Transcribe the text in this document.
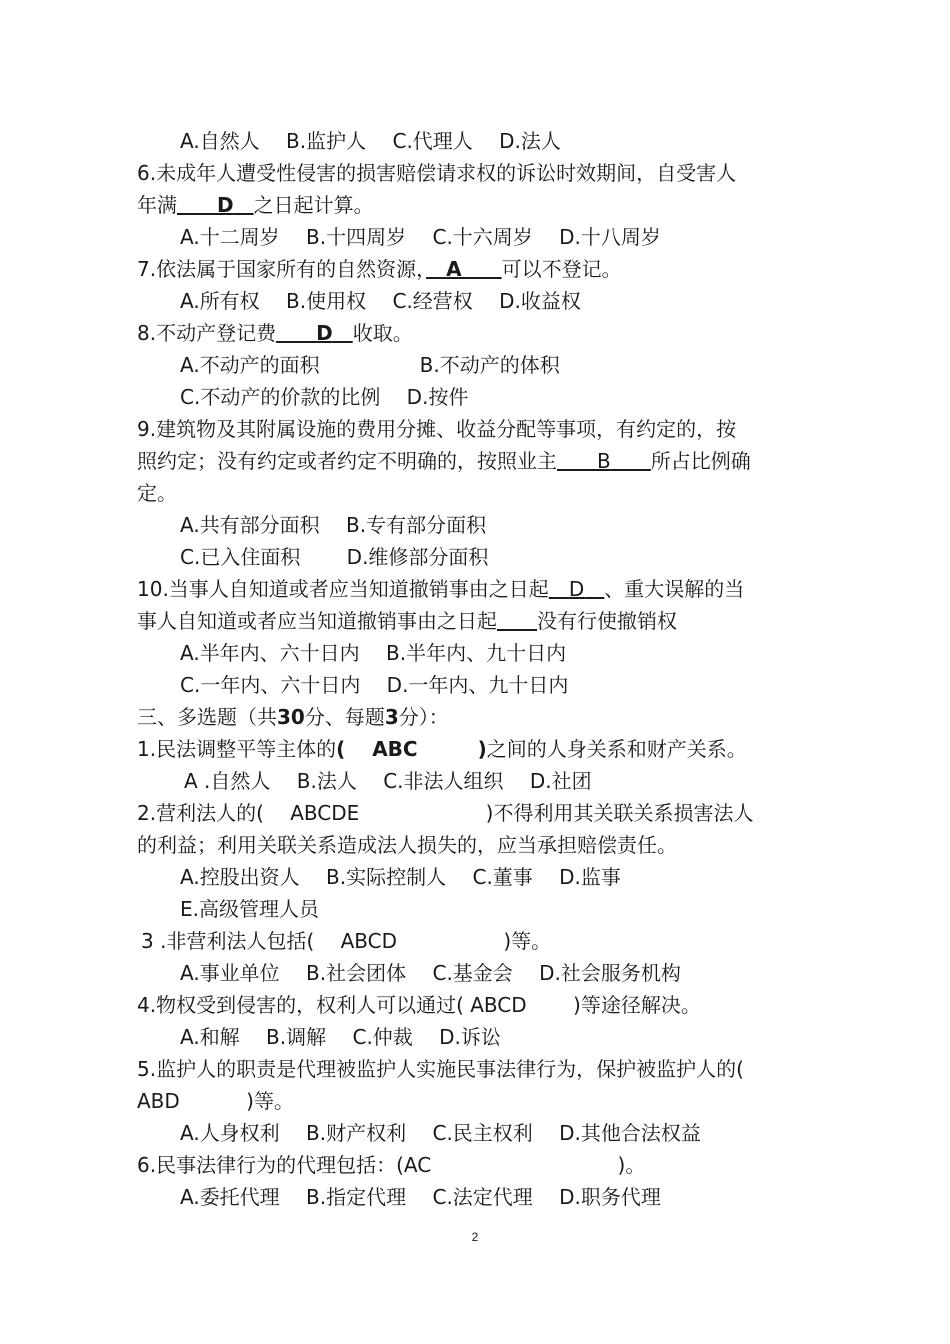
A.自然人　 B.监护人　 C.代理人　 D.法人
6.未成年人遭受性侵害的损害赔偿请求权的诉讼时效期间，自受害人
年满　　 D　 之日起计算。
A.十二周岁　 B.十四周岁　 C.十六周岁　 D.十八周岁
7.依法属于国家所有的自然资源，　 A　　 可以不登记。
A.所有权　 B.使用权　 C.经营权　 D.收益权
8.不动产登记费　　 D　 收取。
A.不动产的面积　　　　　B.不动产的体积
C.不动产的价款的比例　 D.按件
9.建筑物及其附属设施的费用分摊、收益分配等事项，有约定的，按
照约定；没有约定或者约定不明确的，按照业主　　 B　　 所占比例确
定。
A.共有部分面积　 B.专有部分面积
C.已入住面积　　 D.维修部分面积
10.当事人自知道或者应当知道撤销事由之日起　 D　 、重大误解的当
事人自知道或者应当知道撤销事由之日起　　 没有行使撤销权
A.半年内、六十日内　 B.半年内、九十日内
C.一年内、六十日内　 D.一年内、九十日内
三、多选题（共30分、每题3分）：
1.民法调整平等主体的(　 ABC　　　)之间的人身关系和财产关系。
A .自然人　 B.法人　 C.非法人组织　 D.社团
2.营利法人的(　 ABCDE　　　　　　 )不得利用其关联关系损害法人
的利益；利用关联关系造成法人损失的，应当承担赔偿责任。
A.控股出资人　 B.实际控制人　 C.董事　 D.监事
E.高级管理人员
3 .非营利法人包括(　 ABCD　　　　　 )等。
A.事业单位　 B.社会团体　 C.基金会　 D.社会服务机构
4.物权受到侵害的，权利人可以通过( ABCD　　 )等途径解决。
A.和解　 B.调解　 C.仲裁　 D.诉讼
5.监护人的职责是代理被监护人实施民事法律行为，保护被监护人的(
ABD　　　 )等。
A.人身权利　 B.财产权利　 C.民主权利　 D.其他合法权益
6.民事法律行为的代理包括：(AC　　　　　　　　　 )。
A.委托代理　 B.指定代理　 C.法定代理　 D.职务代理
2
